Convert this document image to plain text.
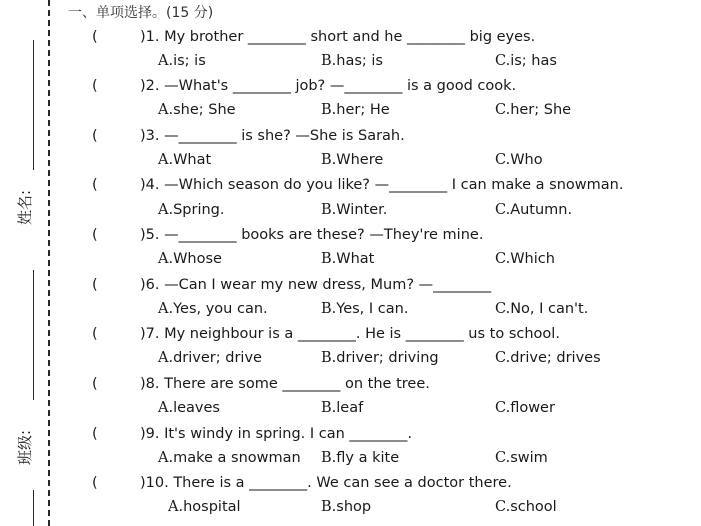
姓名:
班级:
一、单项选择。(15 分)
(	)1. My brother ________ short and he ________ big eyes.
A.is; is	B.has; is	C.is; has
(	)2. —What's ________ job? —________ is a good cook.
A.she; She	B.her; He	C.her; She
(	)3. —________ is she? —She is Sarah.
A.What	B.Where	C.Who
(	)4. —Which season do you like? —________ I can make a snowman.
A.Spring.	B.Winter.	C.Autumn.
(	)5. —________ books are these? —They're mine.
A.Whose	B.What	C.Which
(	)6. —Can I wear my new dress, Mum? —________
A.Yes, you can.	B.Yes, I can.	C.No, I can't.
(	)7. My neighbour is a ________. He is ________ us to school.
A.driver; drive	B.driver; driving	C.drive; drives
(	)8. There are some ________ on the tree.
A.leaves	B.leaf	C.flower
(	)9. It's windy in spring. I can ________.
A.make a snowman B.fly a kite	C.swim
(	)10. There is a ________. We can see a doctor there.
A.hospital	B.shop	C.school
